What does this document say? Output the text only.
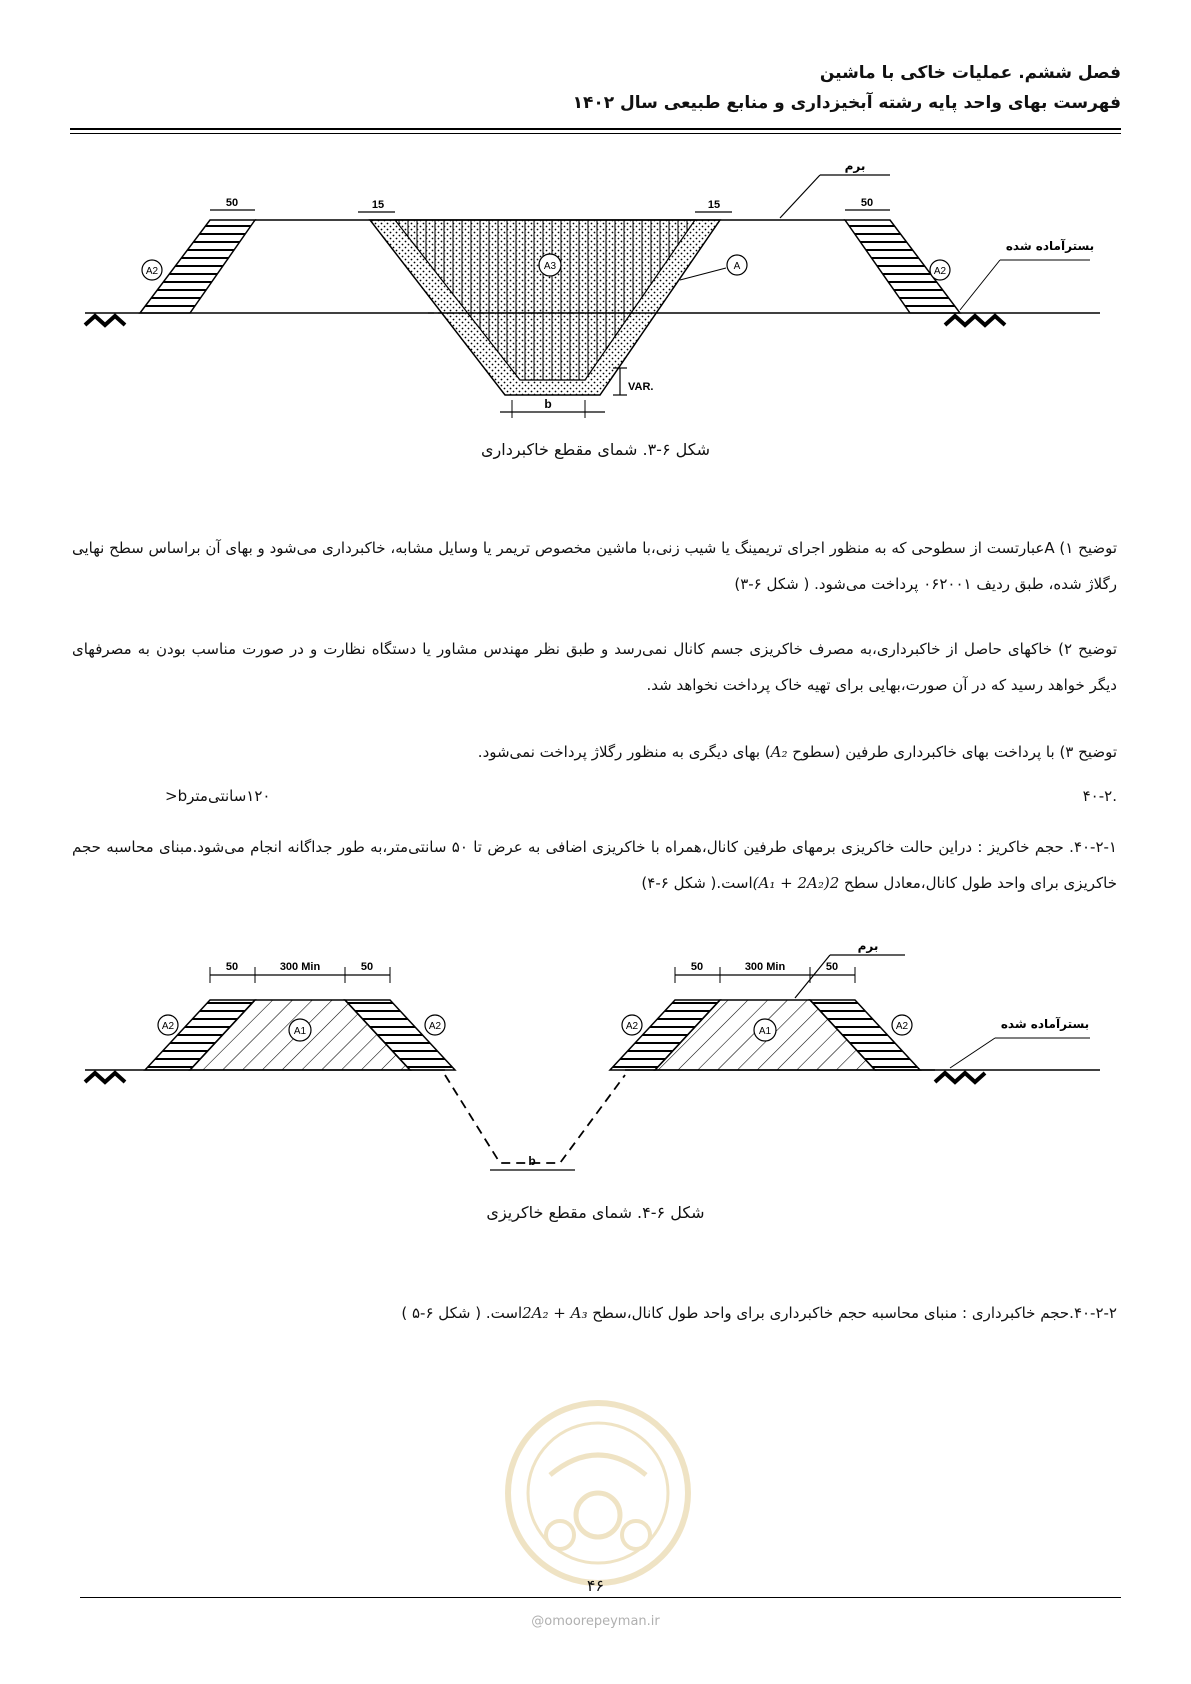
فصل ششم. عملیات خاکی با ماشین
فهرست بهای واحد پایه رشته آبخیزداری و منابع طبیعی سال ۱۴۰۲
50	15	15	50
برم
بسترآماده شده
A2	A3	A	A2
VAR.
b
شکل ۶-۳. شمای مقطع خاکبرداری
توضیح ۱) Aعبارتست از سطوحی که به منظور اجرای تریمینگ یا شیب زنی،با ماشین مخصوص تریمر یا وسایل مشابه، خاکبرداری می‌شود و بهای آن براساس سطح نهایی رگلاژ شده، طبق ردیف ۰۶۲۰۰۱ پرداخت می‌شود. ( شکل ۶-۳)
توضیح ۲) خاکهای حاصل از خاکبرداری،به مصرف خاکریزی جسم کانال نمی‌رسد و طبق نظر مهندس مشاور یا دستگاه نظارت و در صورت مناسب بودن به مصرفهای دیگر خواهد رسید که در آن صورت،بهایی برای تهیه خاک پرداخت نخواهد شد.
توضیح ۳) با پرداخت بهای خاکبرداری طرفین (سطوح A₂) بهای دیگری به منظور رگلاژ پرداخت نمی‌شود.
.۴۰-۲
۱۲۰سانتی‌مترb<
۴۰-۲-۱. حجم خاکریز : دراین حالت خاکریزی برمهای طرفین کانال،همراه با خاکریزی اضافی به عرض تا ۵۰ سانتی‌متر،به طور جداگانه انجام می‌شود.مبنای محاسبه حجم خاکریزی برای واحد طول کانال،معادل سطح 2(A₁ + 2A₂)است.( شکل ۶-۴)
b
50	300 Min	50	50	300 Min	50
برم
بسترآماده شده
A2	A1	A2	A2	A1	A2
شکل ۶-۴. شمای مقطع خاکریزی
۴۰-۲-۲.حجم خاکبرداری : منبای محاسبه حجم خاکبرداری برای واحد طول کانال،سطح 2A₂ + A₃است. ( شکل ۶-۵ )
۴۶
@omoorepeyman.ir
